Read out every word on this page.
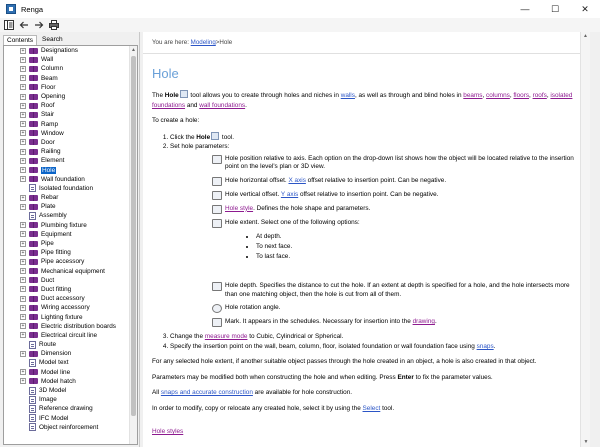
Renga	—	☐	✕
Contents	Search
+	Designations
+	Wall
+	Column
+	Beam
+	Floor
+	Opening
+	Roof
+	Stair
+	Ramp
+	Window
+	Door
+	Railing
+	Element
+	Hole
+	Wall foundation
Isolated foundation
+	Rebar
+	Plate
Assembly
+	Plumbing fixture
+	Equipment
+	Pipe
+	Pipe fitting
+	Pipe accessory
+	Mechanical equipment
+	Duct
+	Duct fitting
+	Duct accessory
+	Wiring accessory
+	Lighting fixture
+	Electric distribution boards
+	Electrical circuit line
Route
+	Dimension
Model text
+	Model line
+	Model hatch
3D Model
Image
Reference drawing
IFC Model
Object reinforcement
▲
You are here:
Modeling > Hole
Hole

The Hole tool allows you to create through holes and niches in walls, as well as through and blind holes in beams, columns, floors, roofs, isolated foundations and wall foundations.

To create a hole:

1. Click the Hole tool.
2. Set hole parameters:
Hole position relative to axis. Each option on the drop-down list shows how the object will be located relative to the insertion point on the level's plan or 3D view.
Hole horizontal offset. X axis offset relative to insertion point. Can be negative.
Hole vertical offset. Y axis offset relative to insertion point. Can be negative.
Hole style. Defines the hole shape and parameters.
Hole extent. Select one of the following options:
• At depth.
• To next face.
• To last face.
Hole depth. Specifies the distance to cut the hole. If an extent at depth is specified for a hole, and the hole intersects more than one matching object, then the hole is cut from all of them.
Hole rotation angle.
Mark. It appears in the schedules. Necessary for insertion into the drawing.
3. Change the measure mode to Cubic, Cylindrical or Spherical.
4. Specify the insertion point on the wall, beam, column, floor, isolated foundation or wall foundation face using snaps.

For any selected hole extent, if another suitable object passes through the hole created in an object, a hole is also created in that object.

Parameters may be modified both when constructing the hole and when editing. Press Enter to fix the parameter values.

All snaps and accurate construction are available for hole construction.

In order to modify, copy or relocate any created hole, select it by using the Select tool.

Hole styles

▲
▼
